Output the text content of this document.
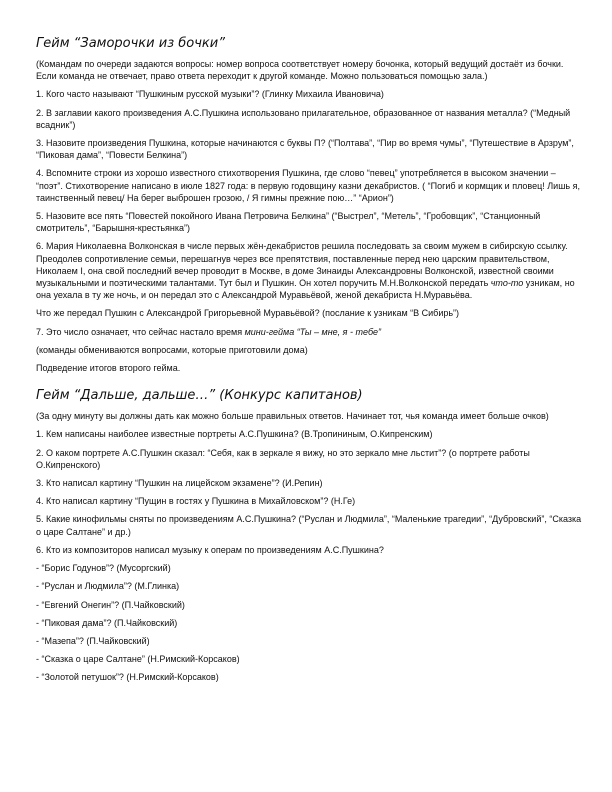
Гейм “Заморочки из бочки”

(Командам по очереди задаются вопросы: номер вопроса соответствует номеру бочонка, который ведущий достаёт из бочки. Если команда не отвечает, право ответа переходит к другой команде. Можно пользоваться помощью зала.)

1. Кого часто называют “Пушкиным русской музыки”? (Глинку Михаила Ивановича)

2. В заглавии какого произведения А.С.Пушкина использовано прилагательное, образованное от названия металла? (“Медный всадник”)

3. Назовите произведения Пушкина, которые начинаются с буквы П? (“Полтава”, “Пир во время чумы”, “Путешествие в Арзрум”, “Пиковая дама”, “Повести Белкина”)

4. Вспомните строки из хорошо известного стихотворения Пушкина, где слово “певец” употребляется в высоком значении – “поэт”. Стихотворение написано в июле 1827 года: в первую годовщину казни декабристов. ( “Погиб и кормщик и пловец! Лишь я, таинственный певец/ На берег выброшен грозою, / Я гимны прежние пою…” “Арион”)

5. Назовите все пять “Повестей покойного Ивана Петровича Белкина” (“Выстрел”, “Метель”, “Гробовщик”, “Станционный смотритель”, “Барышня-крестьянка”)

6. Мария Николаевна Волконская в числе первых жён-декабристов решила последовать за своим мужем в сибирскую ссылку. Преодолев сопротивление семьи, перешагнув через все препятствия, поставленные перед нею царским правительством, Николаем I, она свой последний вечер проводит в Москве, в доме Зинаиды Александровны Волконской, известной своими музыкальными и поэтическими талантами. Тут был и Пушкин. Он хотел поручить М.Н.Волконской передать что-то узникам, но она уехала в ту же ночь, и он передал это с Александрой Муравьёвой, женой декабриста Н.Муравьёва.

Что же передал Пушкин с Александрой Григорьевной Муравьёвой? (послание к узникам “В Сибирь”)

7. Это число означает, что сейчас настало время мини-гейма “Ты – мне, я - тебе”

(команды обмениваются вопросами, которые приготовили дома)

Подведение итогов второго гейма.

Гейм “Дальше, дальше…” (Конкурс капитанов)

(За одну минуту вы должны дать как можно больше правильных ответов. Начинает тот, чья команда имеет больше очков)

1. Кем написаны наиболее известные портреты А.С.Пушкина? (В.Тропининым, О.Кипренским)

2. О каком портрете А.С.Пушкин сказал: “Себя, как в зеркале я вижу, но это зеркало мне льстит”? (о портрете работы О.Кипренского)

3. Кто написал картину “Пушкин на лицейском экзамене”? (И.Репин)

4. Кто написал картину “Пущин в гостях у Пушкина в Михайловском”? (Н.Ге)

5. Какие кинофильмы сняты по произведениям А.С.Пушкина? (“Руслан и Людмила”, “Маленькие трагедии”, “Дубровский”, “Сказка о царе Салтане” и др.)

6. Кто из композиторов написал музыку к операм по произведениям А.С.Пушкина?

- “Борис Годунов”? (Мусоргский)

- “Руслан и Людмила”? (М.Глинка)

- “Евгений Онегин”? (П.Чайковский)

- “Пиковая дама”? (П.Чайковский)

- “Мазепа”? (П.Чайковский)

- “Сказка о царе Салтане” (Н.Римский-Корсаков)

- “Золотой петушок”? (Н.Римский-Корсаков)
